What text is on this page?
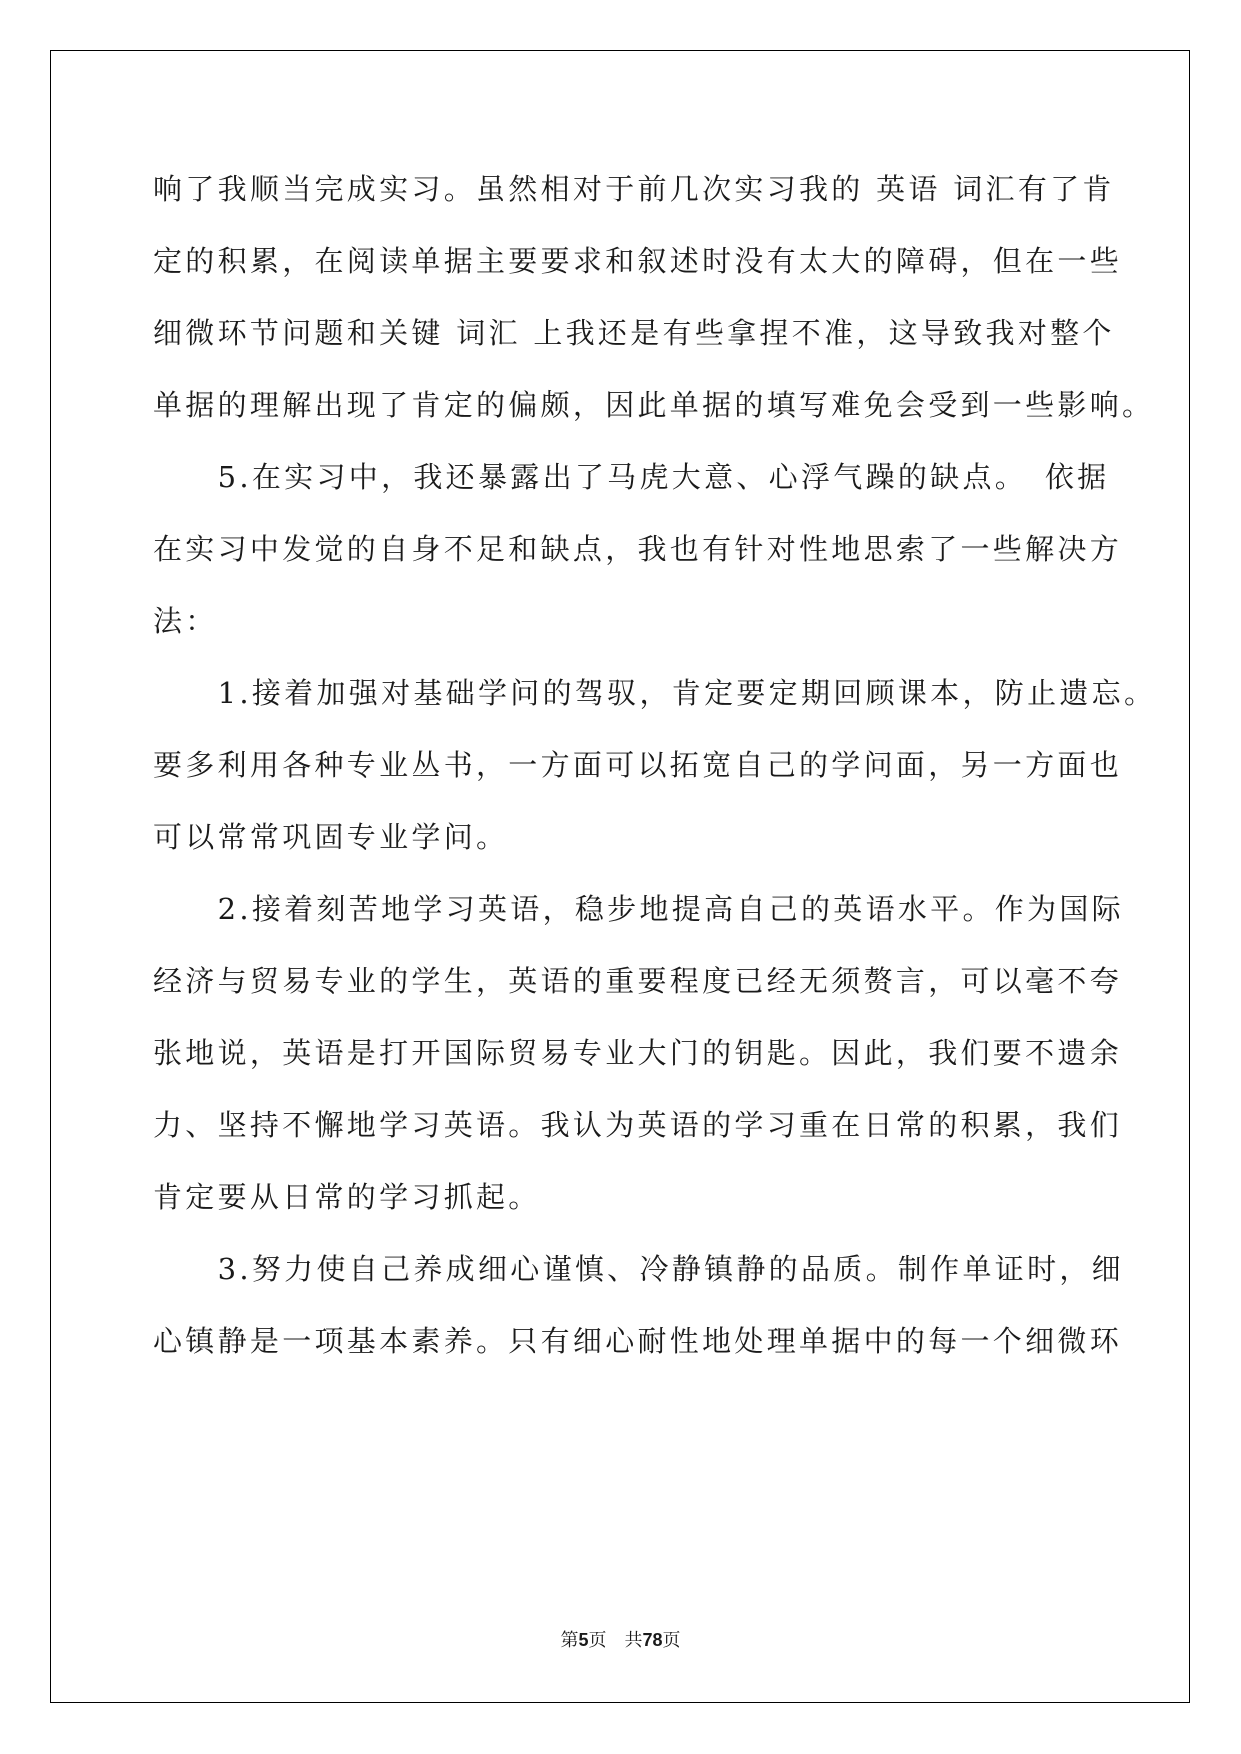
响了我顺当完成实习。虽然相对于前几次实习我的 英语 词汇有了肯
定的积累，在阅读单据主要要求和叙述时没有太大的障碍，但在一些
细微环节问题和关键 词汇 上我还是有些拿捏不准，这导致我对整个
单据的理解出现了肯定的偏颇，因此单据的填写难免会受到一些影响。
　　5.在实习中，我还暴露出了马虎大意、心浮气躁的缺点。　依据
在实习中发觉的自身不足和缺点，我也有针对性地思索了一些解决方
法：
　　1.接着加强对基础学问的驾驭，肯定要定期回顾课本，防止遗忘。
要多利用各种专业丛书，一方面可以拓宽自己的学问面，另一方面也
可以常常巩固专业学问。
　　2.接着刻苦地学习英语，稳步地提高自己的英语水平。作为国际
经济与贸易专业的学生，英语的重要程度已经无须赘言，可以毫不夸
张地说，英语是打开国际贸易专业大门的钥匙。因此，我们要不遗余
力、坚持不懈地学习英语。我认为英语的学习重在日常的积累，我们
肯定要从日常的学习抓起。
　　3.努力使自己养成细心谨慎、冷静镇静的品质。制作单证时，细
心镇静是一项基本素养。只有细心耐性地处理单据中的每一个细微环
第5页　共78页
